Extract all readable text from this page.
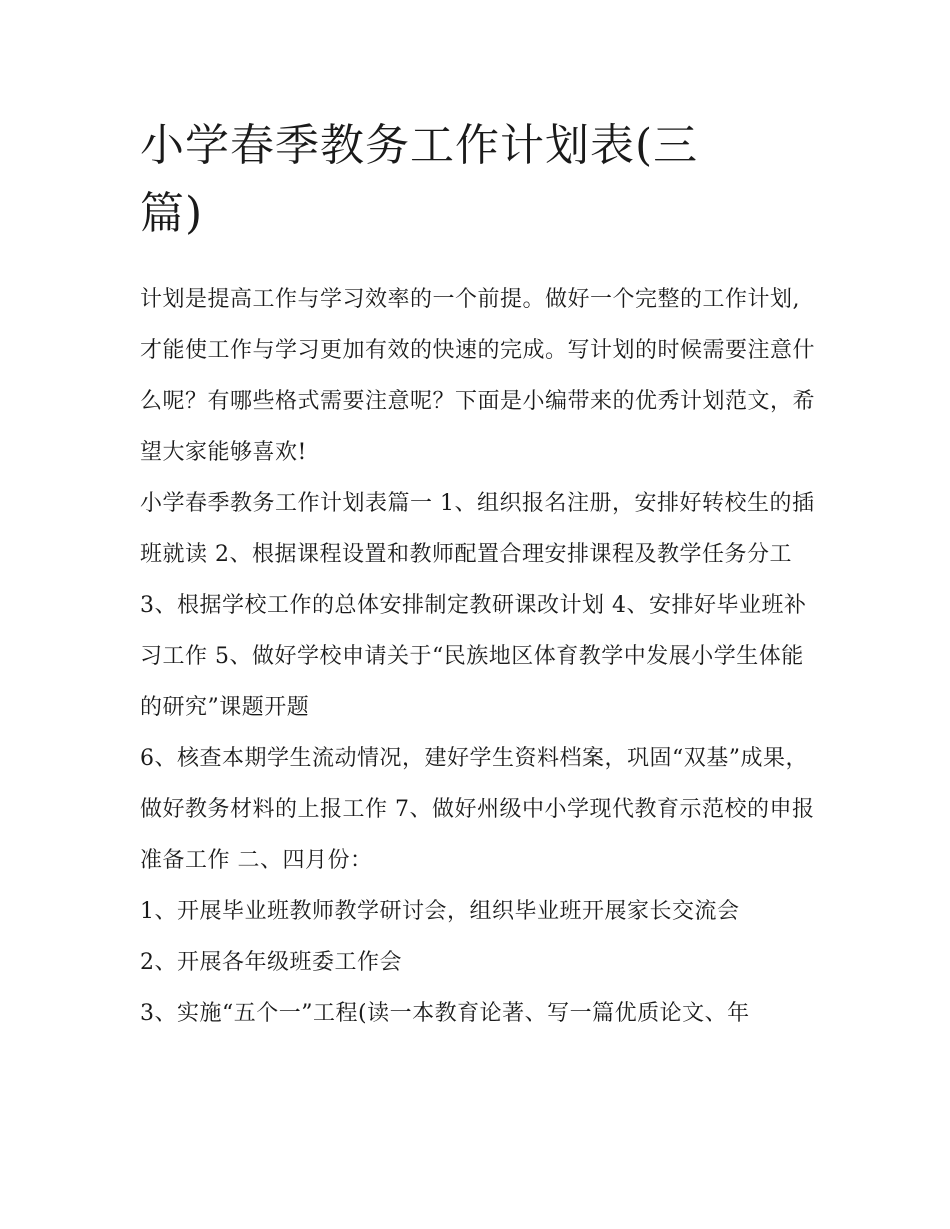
小学春季教务工作计划表(三
篇)

计划是提高工作与学习效率的一个前提。做好一个完整的工作计划,才能使工作与学习更加有效的快速的完成。写计划的时候需要注意什么呢？有哪些格式需要注意呢？下面是小编带来的优秀计划范文，希望大家能够喜欢!

小学春季教务工作计划表篇一 1、组织报名注册，安排好转校生的插班就读 2、根据课程设置和教师配置合理安排课程及教学任务分工

3、根据学校工作的总体安排制定教研课改计划 4、安排好毕业班补习工作 5、做好学校申请关于“民族地区体育教学中发展小学生体能的研究”课题开题

6、核查本期学生流动情况，建好学生资料档案，巩固“双基”成果，做好教务材料的上报工作 7、做好州级中小学现代教育示范校的申报准备工作 二、四月份：

1、开展毕业班教师教学研讨会，组织毕业班开展家长交流会

2、开展各年级班委工作会

3、实施“五个一”工程(读一本教育论著、写一篇优质论文、年
